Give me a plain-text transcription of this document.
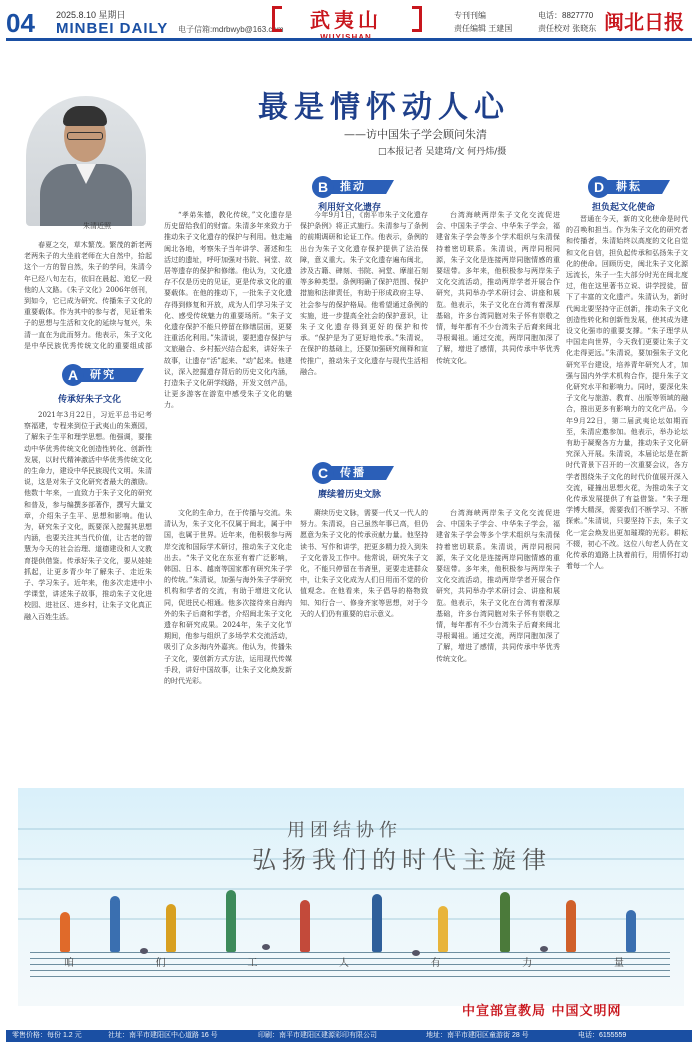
04 2025.8.10 星期日
MINBEI DAILY 电子信箱:mdrbwyb@163.com	武夷山	专刊刊编
责任编辑 王建国
电话：8827770
责任校对 张晓东 闽北日报
最是情怀动人心
——访中国朱子学会顾问朱清
□本报记者 吴建琦/文 何丹炜/摄
朱清近照
春夏之交，草木繁茂。繁茂的新老两老两朱子的大坐前老师在大自然中，拾起这个一方的智自然，朱子的学问，朱清今年已经八旬左右，依旧在晨起、追忆一段他的人文路。《朱子文化》2006年创刊，到如今，它已成为研究、传播朱子文化的重要载体。作为其中的参与者，见证着朱子的思想与生活和文化的延续与复兴，朱清一直在为此而努力。他表示，朱子文化是中华民族优秀传统文化的重要组成部
A	研究
传承好朱子文化
2021年3月22日，习近平总书记考察福建，专程来到位于武夷山的朱熹园，了解朱子生平和理学思想。他强调，要推动中华优秀传统文化创造性转化、创新性发展，以时代精神激活中华优秀传统文化的生命力，建设中华民族现代文明。朱清说，这是对朱子文化研究者最大的激励。他数十年来，一直致力于朱子文化的研究和普及，参与编撰多部著作，撰写大量文章，介绍朱子生平、思想和影响。他认为，研究朱子文化，既要深入挖掘其思想内涵，也要关注其当代价值，让古老的智慧为今天的社会治理、道德建设和人文教育提供借鉴。传承好朱子文化，要从娃娃抓起，让更多青少年了解朱子、走近朱子、学习朱子。近年来，他多次走进中小学课堂，讲述朱子故事，推动朱子文化进校园、进社区、进乡村，让朱子文化真正融入百姓生活。
“孝弟朱德，教化传统，”文化遗存是历史留给我们的财富。朱清多年来致力于推动朱子文化遗存的保护与利用。他走遍闽北各地，考察朱子当年讲学、著述和生活过的遗址，呼吁加强对书院、祠堂、故居等遗存的保护和修缮。他认为，文化遗存不仅是历史的见证，更是传承文化的重要载体。在他的推动下，一批朱子文化遗存得到修复和开放，成为人们学习朱子文化、感受传统魅力的重要场所。“朱子文化遗存保护不能只停留在修缮层面，更要注重活化利用。”朱清说，要把遗存保护与文旅融合、乡村振兴结合起来，讲好朱子故事，让遗存“活”起来、“动”起来。他建议，深入挖掘遗存背后的历史文化内涵，打造朱子文化研学线路，开发文创产品，让更多游客在游览中感受朱子文化的魅力。
B	推动
利用好文化遗存
今年9月1日，《南平市朱子文化遗存保护条例》将正式施行。朱清参与了条例的前期调研和论证工作。他表示，条例的出台为朱子文化遗存保护提供了法治保障，意义重大。朱子文化遗存遍布闽北，涉及古籍、碑刻、书院、祠堂、摩崖石刻等多种类型。条例明确了保护范围、保护措施和法律责任，有助于形成政府主导、社会参与的保护格局。他希望通过条例的实施，进一步提高全社会的保护意识，让朱子文化遗存得到更好的保护和传承。“保护是为了更好地传承。”朱清说，在保护的基础上，还要加强研究阐释和宣传推广，推动朱子文化遗存与现代生活相融合。
台湾海峡两岸朱子文化交流促进会、中国朱子学会、中华朱子学会，福建省朱子学会等多个学术组织与朱清保持着密切联系。朱清说，两岸同根同源，朱子文化是连接两岸同胞情感的重要纽带。多年来，他积极参与两岸朱子文化交流活动，推动两岸学者开展合作研究，共同举办学术研讨会、讲座和展览。他表示，朱子文化在台湾有着深厚基础，许多台湾同胞对朱子怀有崇敬之情，每年都有不少台湾朱子后裔来闽北寻根谒祖。通过交流，两岸同胞加深了了解，增进了感情，共同传承中华优秀传统文化。
C	传播
赓续着历史文脉
文化的生命力，在于传播与交流。朱清认为，朱子文化不仅属于闽北，属于中国，也属于世界。近年来，他积极参与两岸交流和国际学术研讨，推动朱子文化走出去。“朱子文化在东亚有着广泛影响，韩国、日本、越南等国家都有研究朱子学的传统。”朱清说，加强与海外朱子学研究机构和学者的交流，有助于增进文化认同，促进民心相通。他多次接待来自海内外的朱子后裔和学者，介绍闽北朱子文化遗存和研究成果。2024年，朱子文化节期间，他参与组织了多场学术交流活动，吸引了众多海内外嘉宾。他认为，传播朱子文化，要创新方式方法，运用现代传媒手段，讲好中国故事，让朱子文化焕发新的时代光彩。
赓续历史文脉，需要一代又一代人的努力。朱清说，自己虽然年事已高，但仍愿意为朱子文化的传承贡献力量。他坚持读书、写作和讲学，把更多精力投入到朱子文化普及工作中。他常说，研究朱子文化，不能只停留在书斋里，更要走进群众中，让朱子文化成为人们日用而不觉的价值观念。在他看来，朱子倡导的格物致知、知行合一、修身齐家等思想，对于今天的人们仍有重要的启示意义。
台湾海峡两岸朱子文化交流促进会、中国朱子学会、中华朱子学会，福建省朱子学会等多个学术组织与朱清保持着密切联系。朱清说，两岸同根同源，朱子文化是连接两岸同胞情感的重要纽带。多年来，他积极参与两岸朱子文化交流活动，推动两岸学者开展合作研究，共同举办学术研讨会、讲座和展览。他表示，朱子文化在台湾有着深厚基础，许多台湾同胞对朱子怀有崇敬之情，每年都有不少台湾朱子后裔来闽北寻根谒祖。通过交流，两岸同胞加深了了解，增进了感情，共同传承中华优秀传统文化。
D	耕耘
担负起文化使命
晋通在今天，新的文化使命是时代的召唤和担当。作为朱子文化的研究者和传播者，朱清始终以高度的文化自觉和文化自信，担负起传承和弘扬朱子文化的使命。回顾历史，闽北朱子文化源远流长，朱子一生大部分时光在闽北度过，他在这里著书立说、讲学授徒，留下了丰富的文化遗产。朱清认为，新时代闽北要坚持守正创新，推动朱子文化创造性转化和创新性发展，使其成为建设文化强市的重要支撑。“朱子理学从中国走向世界，今天我们更要让朱子文化走得更远。”朱清说，要加强朱子文化研究平台建设，培养青年研究人才，加强与国内外学术机构合作，提升朱子文化研究水平和影响力。同时，要深化朱子文化与旅游、教育、出版等领域的融合，推出更多有影响力的文化产品。今年9月22日，第二届武夷论坛如期而至，朱清应邀参加。他表示，举办论坛有助于凝聚各方力量，推动朱子文化研究深入开展。朱清说，本届论坛是在新时代背景下召开的一次重要会议，各方学者围绕朱子文化的时代价值展开深入交流，碰撞出思想火花，为推动朱子文化传承发展提供了有益借鉴。“朱子理学博大精深，需要我们不断学习、不断探索。”朱清说，只要坚持下去，朱子文化一定会焕发出更加璀璨的光彩。耕耘不辍，初心不改。这位八旬老人仍在文化传承的道路上执着前行，用情怀打动着每一个人。
用团结协作
弘扬我们的时代主旋律
咱	们	工	人	有	力	量
中宣部宣教局 中国文明网
零售价格：每份 1.2 元	社址：南平市建阳区中心道路 16 号	印刷：南平市建阳区建源彩印有限公司	地址：南平市建阳区童游街 28 号	电话：6155559
